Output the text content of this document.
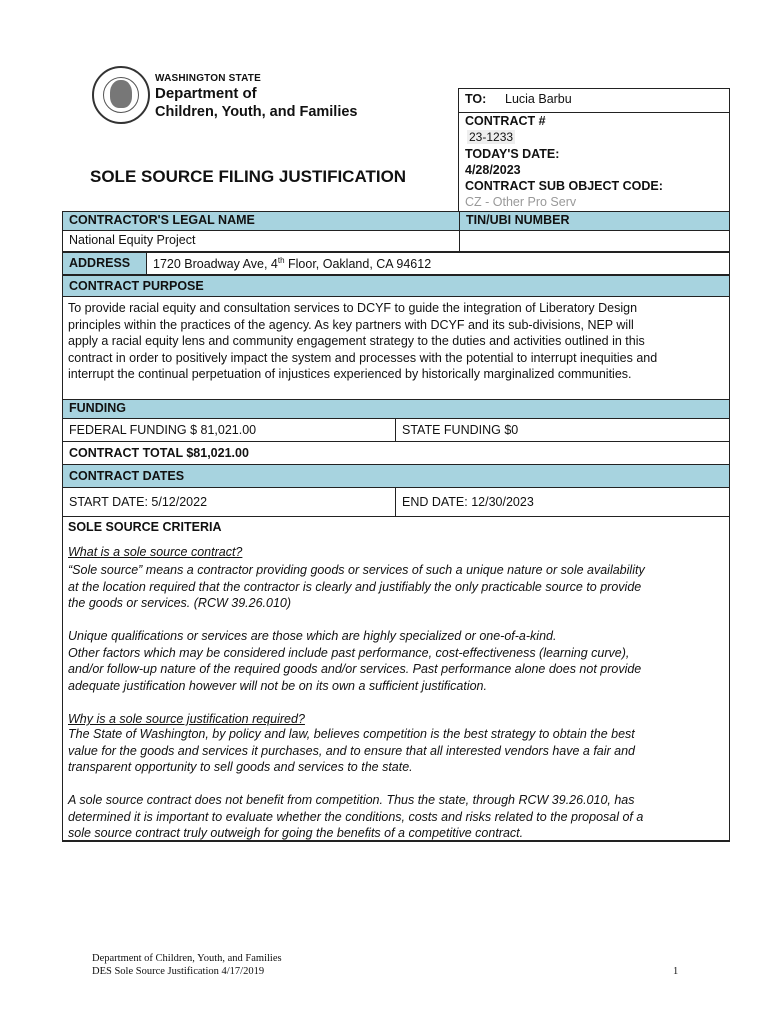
WASHINGTON STATE
Department of
Children, Youth, and Families
SOLE SOURCE FILING JUSTIFICATION
TO: Lucia Barbu
CONTRACT #
23-1233
TODAY'S DATE:
4/28/2023
CONTRACT SUB OBJECT CODE:
CZ - Other Pro Serv
CONTRACTOR'S LEGAL NAME	TIN/UBI NUMBER
National Equity Project
ADDRESS	1720 Broadway Ave, 4th Floor, Oakland, CA 94612
CONTRACT PURPOSE
To provide racial equity and consultation services to DCYF to guide the integration of Liberatory Design
principles within the practices of the agency. As key partners with DCYF and its sub-divisions, NEP will
apply a racial equity lens and community engagement strategy to the duties and activities outlined in this
contract in order to positively impact the system and processes with the potential to interrupt inequities and
interrupt the continual perpetuation of injustices experienced by historically marginalized communities.
FUNDING
FEDERAL FUNDING $ 81,021.00	STATE FUNDING $0
CONTRACT TOTAL $81,021.00
CONTRACT DATES
START DATE: 5/12/2022	END DATE: 12/30/2023
SOLE SOURCE CRITERIA
What is a sole source contract?
“Sole source” means a contractor providing goods or services of such a unique nature or sole availability
at the location required that the contractor is clearly and justifiably the only practicable source to provide
the goods or services. (RCW 39.26.010)
Unique qualifications or services are those which are highly specialized or one-of-a-kind.
Other factors which may be considered include past performance, cost-effectiveness (learning curve),
and/or follow-up nature of the required goods and/or services. Past performance alone does not provide
adequate justification however will not be on its own a sufficient justification.
Why is a sole source justification required?
The State of Washington, by policy and law, believes competition is the best strategy to obtain the best
value for the goods and services it purchases, and to ensure that all interested vendors have a fair and
transparent opportunity to sell goods and services to the state.
A sole source contract does not benefit from competition. Thus the state, through RCW 39.26.010, has
determined it is important to evaluate whether the conditions, costs and risks related to the proposal of a
sole source contract truly outweigh for going the benefits of a competitive contract.
Department of Children, Youth, and Families
DES Sole Source Justification 4/17/2019	1
